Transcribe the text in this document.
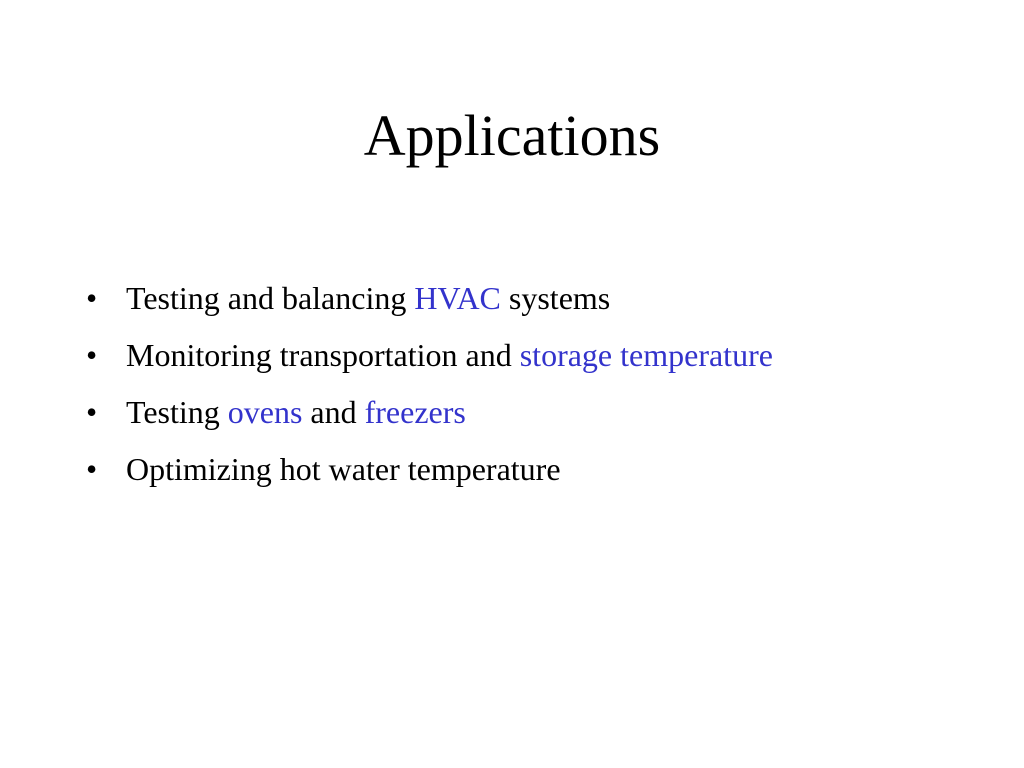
Applications
• Testing and balancing HVAC systems
• Monitoring transportation and storage temperature
• Testing ovens and freezers
• Optimizing hot water temperature
